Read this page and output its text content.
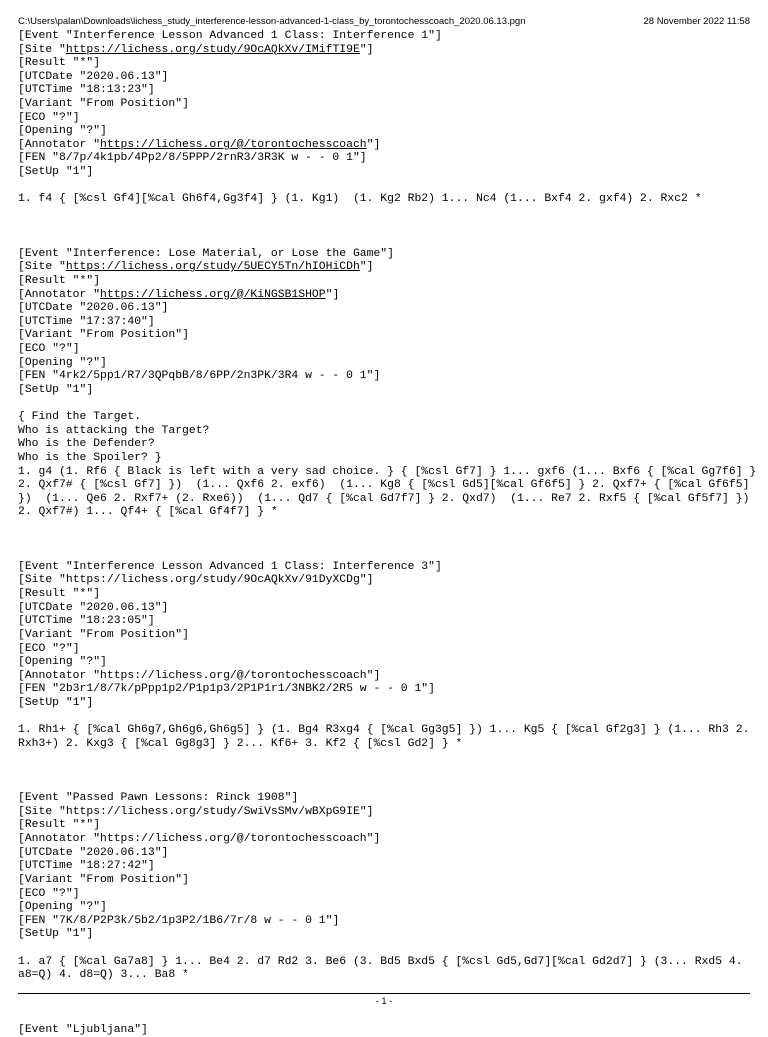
C:\Users\palan\Downloads\lichess_study_interference-lesson-advanced-1-class_by_torontochesscoach_2020.06.13.pgn	28 November 2022 11:58
[Event "Interference Lesson Advanced 1 Class: Interference 1"]
[Site "https://lichess.org/study/9OcAQkXv/IMifTI9E"]
[Result "*"]
[UTCDate "2020.06.13"]
[UTCTime "18:13:23"]
[Variant "From Position"]
[ECO "?"]
[Opening "?"]
[Annotator "https://lichess.org/@/torontochesscoach"]
[FEN "8/7p/4k1pb/4Pp2/8/5PPP/2rnR3/3R3K w - - 0 1"]
[SetUp "1"]
1. f4 { [%csl Gf4][%cal Gh6f4,Gg3f4] } (1. Kg1)  (1. Kg2 Rb2) 1... Nc4 (1... Bxf4 2. gxf4) 2. Rxc2 *
[Event "Interference: Lose Material, or Lose the Game"]
[Site "https://lichess.org/study/5UECY5Tn/hIOHiCDh"]
[Result "*"]
[Annotator "https://lichess.org/@/KiNGSB1SHOP"]
[UTCDate "2020.06.13"]
[UTCTime "17:37:40"]
[Variant "From Position"]
[ECO "?"]
[Opening "?"]
[FEN "4rk2/5pp1/R7/3QPqbB/8/6PP/2n3PK/3R4 w - - 0 1"]
[SetUp "1"]
{ Find the Target.
Who is attacking the Target?
Who is the Defender?
Who is the Spoiler? }
1. g4 (1. Rf6 { Black is left with a very sad choice. } { [%csl Gf7] } 1... gxf6 (1... Bxf6 { [%cal Gg7f6] } 2. Qxf7# { [%csl Gf7] })  (1... Qxf6 2. exf6)  (1... Kg8 { [%csl Gd5][%cal Gf6f5] } 2. Qxf7+ { [%cal Gf6f5] })  (1... Qe6 2. Rxf7+ (2. Rxe6))  (1... Qd7 { [%cal Gd7f7] } 2. Qxd7)  (1... Re7 2. Rxf5 { [%cal Gf5f7] }) 2. Qxf7#) 1... Qf4+ { [%cal Gf4f7] } *
[Event "Interference Lesson Advanced 1 Class: Interference 3"]
[Site "https://lichess.org/study/9OcAQkXv/91DyXCDg"]
[Result "*"]
[UTCDate "2020.06.13"]
[UTCTime "18:23:05"]
[Variant "From Position"]
[ECO "?"]
[Opening "?"]
[Annotator "https://lichess.org/@/torontochesscoach"]
[FEN "2b3r1/8/7k/pPpp1p2/P1p1p3/2P1P1r1/3NBK2/2R5 w - - 0 1"]
[SetUp "1"]
1. Rh1+ { [%cal Gh6g7,Gh6g6,Gh6g5] } (1. Bg4 R3xg4 { [%cal Gg3g5] }) 1... Kg5 { [%cal Gf2g3] } (1... Rh3 2. Rxh3+) 2. Kxg3 { [%cal Gg8g3] } 2... Kf6+ 3. Kf2 { [%csl Gd2] } *
[Event "Passed Pawn Lessons: Rinck 1908"]
[Site "https://lichess.org/study/SwiVsSMv/wBXpG9IE"]
[Result "*"]
[Annotator "https://lichess.org/@/torontochesscoach"]
[UTCDate "2020.06.13"]
[UTCTime "18:27:42"]
[Variant "From Position"]
[ECO "?"]
[Opening "?"]
[FEN "7K/8/P2P3k/5b2/1p3P2/1B6/7r/8 w - - 0 1"]
[SetUp "1"]
1. a7 { [%cal Ga7a8] } 1... Be4 2. d7 Rd2 3. Be6 (3. Bd5 Bxd5 { [%csl Gd5,Gd7][%cal Gd2d7] } (3... Rxd5 4. a8=Q) 4. d8=Q) 3... Ba8 *
[Event "Ljubljana"]
- 1 -
